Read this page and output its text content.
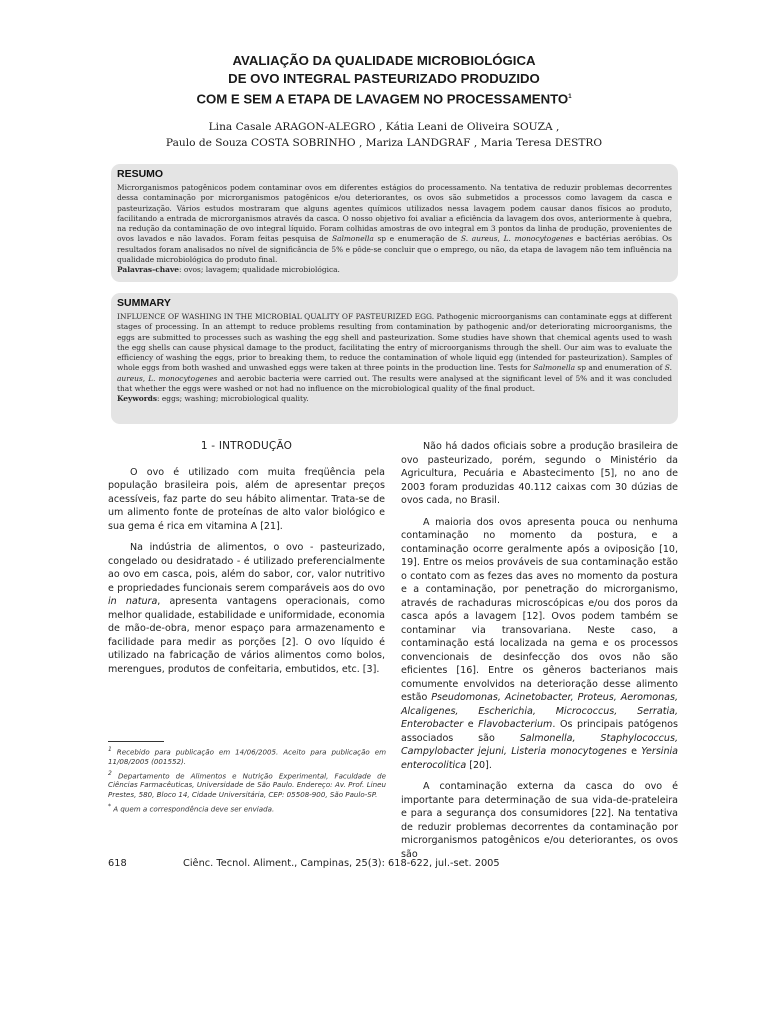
AVALIAÇÃO DA QUALIDADE MICROBIOLÓGICA
DE OVO INTEGRAL PASTEURIZADO PRODUZIDO
COM E SEM A ETAPA DE LAVAGEM NO PROCESSAMENTO$^1$
Lina Casale ARAGON-ALEGRO , Kátia Leani de Oliveira SOUZA ,
Paulo de Souza COSTA SOBRINHO , Mariza LANDGRAF , Maria Teresa DESTRO
RESUMO

Microrganismos patogênicos podem contaminar ovos em diferentes estágios do processamento. Na tentativa de reduzir problemas decorrentes dessa contaminação por microrganismos patogênicos e/ou deteriorantes, os ovos são submetidos a processos como lavagem da casca e pasteurização. Vários estudos mostraram que alguns agentes químicos utilizados nessa lavagem podem causar danos físicos ao produto, facilitando a entrada de microrganismos através da casca. O nosso objetivo foi avaliar a eficiência da lavagem dos ovos, anteriormente à quebra, na redução da contaminação de ovo integral líquido. Foram colhidas amostras de ovo integral em 3 pontos da linha de produção, provenientes de ovos lavados e não lavados. Foram feitas pesquisa de Salmonella sp e enumeração de S. aureus, L. monocytogenes e bactérias aeróbias. Os resultados foram analisados no nível de significância de 5% e pôde-se concluir que o emprego, ou não, da etapa de lavagem não tem influência na qualidade microbiológica do produto final.

Palavras-chave: ovos; lavagem; qualidade microbiológica.

SUMMARY

INFLUENCE OF WASHING IN THE MICROBIAL QUALITY OF PASTEURIZED EGG. Pathogenic microorganisms can contaminate eggs at different stages of processing. In an attempt to reduce problems resulting from contamination by pathogenic and/or deteriorating microorganisms, the eggs are submitted to processes such as washing the egg shell and pasteurization. Some studies have shown that chemical agents used to wash the egg shells can cause physical damage to the product, facilitating the entry of microorganisms through the shell. Our aim was to evaluate the efficiency of washing the eggs, prior to breaking them, to reduce the contamination of whole liquid egg (intended for pasteurization). Samples of whole eggs from both washed and unwashed eggs were taken at three points in the production line. Tests for Salmonella sp and enumeration of S. aureus, L. monocytogenes and aerobic bacteria were carried out. The results were analysed at the significant level of 5% and it was concluded that whether the eggs were washed or not had no influence on the microbiological quality of the final product.

Keywords: eggs; washing; microbiological quality.

1 - INTRODUÇÃO

O ovo é utilizado com muita freqüência pela população brasileira pois, além de apresentar preços acessíveis, faz parte do seu hábito alimentar. Trata-se de um alimento fonte de proteínas de alto valor biológico e sua gema é rica em vitamina A [21].

Na indústria de alimentos, o ovo - pasteurizado, congelado ou desidratado - é utilizado preferencialmente ao ovo em casca, pois, além do sabor, cor, valor nutritivo e propriedades funcionais serem comparáveis aos do ovo in natura, apresenta vantagens operacionais, como melhor qualidade, estabilidade e uniformidade, economia de mão-de-obra, menor espaço para armazenamento e facilidade para medir as porções [2]. O ovo líquido é utilizado na fabricação de vários alimentos como bolos, merengues, produtos de confeitaria, embutidos, etc. [3].

Não há dados oficiais sobre a produção brasileira de ovo pasteurizado, porém, segundo o Ministério da Agricultura, Pecuária e Abastecimento [5], no ano de 2003 foram produzidas 40.112 caixas com 30 dúzias de ovos cada, no Brasil.

A maioria dos ovos apresenta pouca ou nenhuma contaminação no momento da postura, e a contaminação ocorre geralmente após a oviposição [10, 19]. Entre os meios prováveis de sua contaminação estão o contato com as fezes das aves no momento da postura e a contaminação, por penetração do microrganismo, através de rachaduras microscópicas e/ou dos poros da casca após a lavagem [12]. Ovos podem também se contaminar via transovariana. Neste caso, a contaminação está localizada na gema e os processos convencionais de desinfecção dos ovos não são eficientes [16]. Entre os gêneros bacterianos mais comumente envolvidos na deterioração desse alimento estão Pseudomonas, Acinetobacter, Proteus, Aeromonas, Alcaligenes, Escherichia, Micrococcus, Serratia, Enterobacter e Flavobacterium. Os principais patógenos associados são Salmonella, Staphylococcus, Campylobacter jejuni, Listeria monocytogenes e Yersinia enterocolitica [20].

A contaminação externa da casca do ovo é importante para determinação de sua vida-de-prateleira e para a segurança dos consumidores [22]. Na tentativa de reduzir problemas decorrentes da contaminação por microrganismos patogênicos e/ou deteriorantes, os ovos são

$^1$ Recebido para publicação em 14/06/2005. Aceito para publicação em 11/08/2005 (001552).

$^2$ Departamento de Alimentos e Nutrição Experimental, Faculdade de Ciências Farmacêuticas, Universidade de São Paulo. Endereço: Av. Prof. Lineu Prestes, 580, Bloco 14, Cidade Universitária, CEP: 05508-900, São Paulo-SP.

* A quem a correspondência deve ser enviada.

618	Ciênc. Tecnol. Aliment., Campinas, 25(3): 618-622, jul.-set. 2005
